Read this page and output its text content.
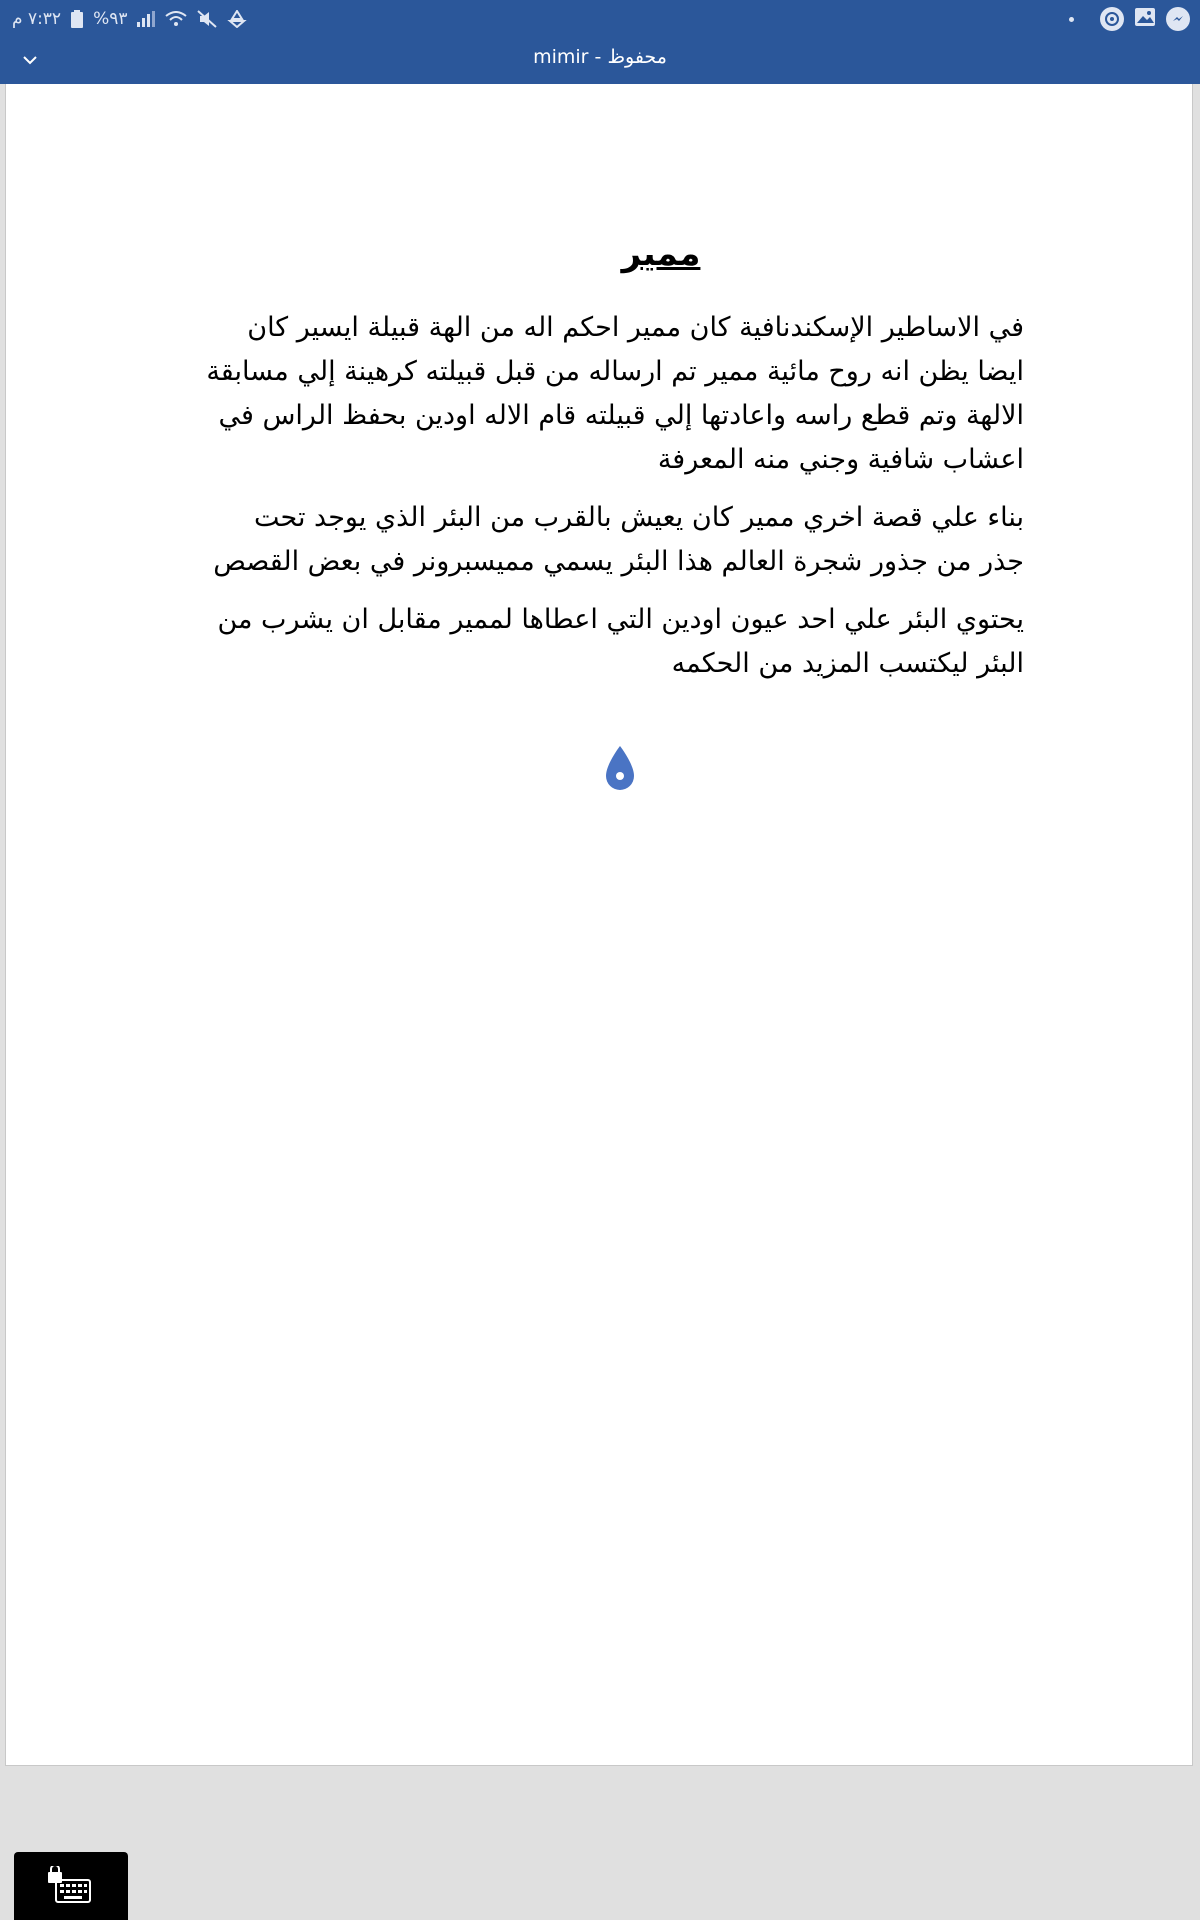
٧:٣٢ م %٩٣
mimir - محفوظ
ممير

في الاساطير الإسكندنافية كان ممير احكم اله من الهة قبيلة ايسير كان ايضا يظن انه روح مائية ممير تم ارساله من قبل قبيلته كرهينة إلي مسابقة الالهة وتم قطع راسه واعادتها إلي قبيلته قام الاله اودين بحفظ الراس في اعشاب شافية وجني منه المعرفة

بناء علي قصة اخري ممير كان يعيش بالقرب من البئر الذي يوجد تحت جذر من جذور شجرة العالم هذا البئر يسمي مميسبرونر في بعض القصص

يحتوي البئر علي احد عيون اودين التي اعطاها لممير مقابل ان يشرب من البئر ليكتسب المزيد من الحكمه
